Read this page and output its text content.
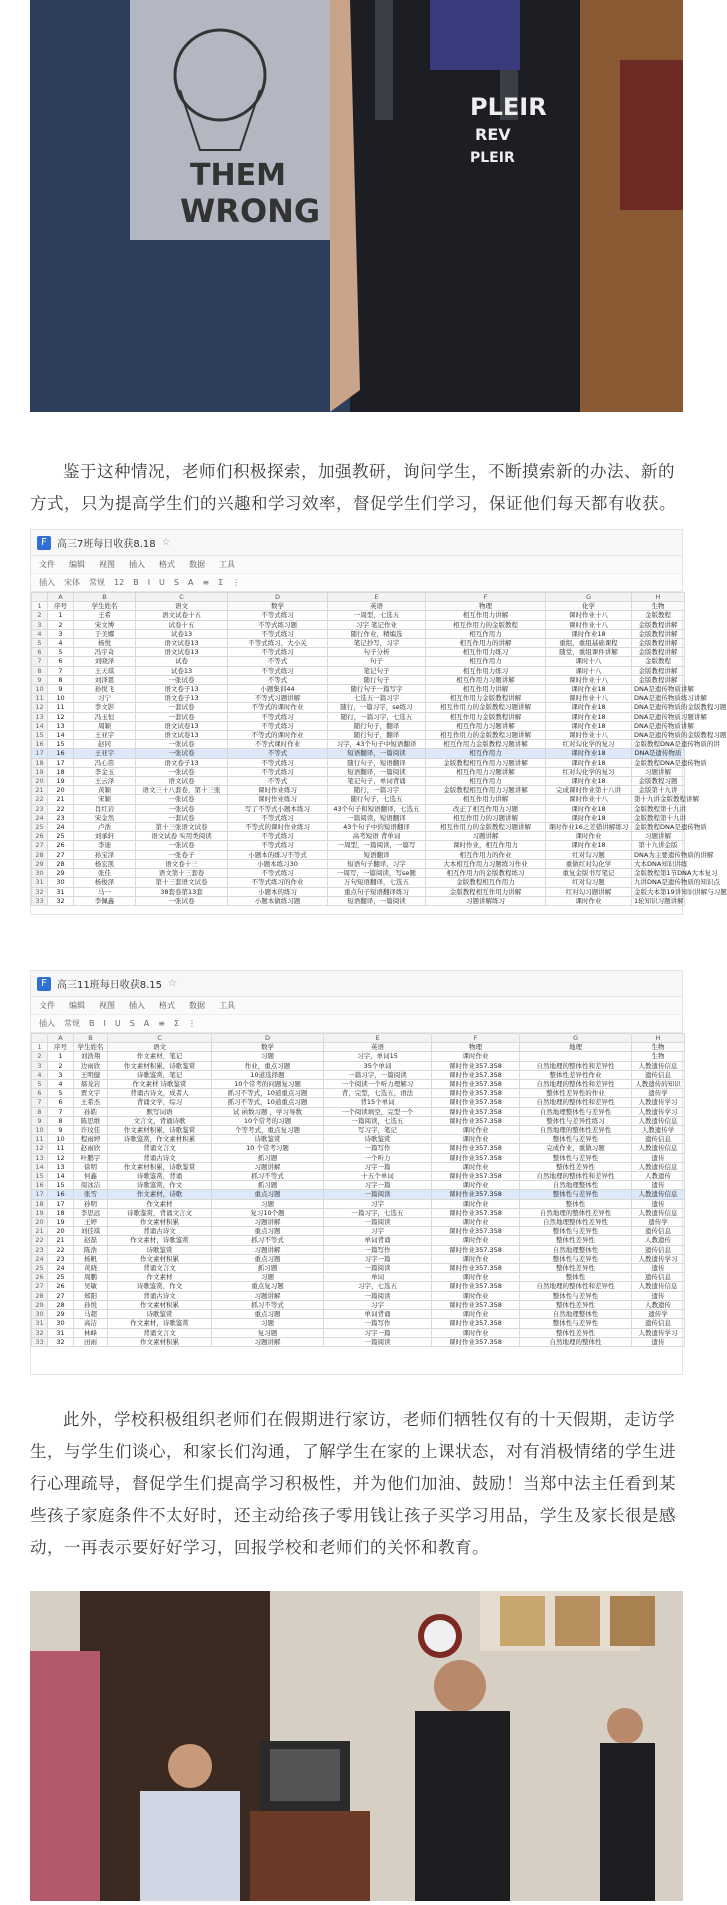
PLEIR
REV
PLEIR
THEM
WRONG

鉴于这种情况，老师们积极探索，加强教研，询问学生，不断摸索新的办法、新的方式，只为提高学生们的兴趣和学习效率，督促学生们学习，保证他们每天都有收获。

F	高三7班每日收获8.18 ☆
文件 编辑 视图 插入 格式 数据 工具
插入 宋体 常规 12 B I U S A ≡ Σ ⋮
	A	B	C	D	E	F	G	H
1	序号	学生姓名	语文	数学	英语	物理	化学	生物
2	1	王希	语文试卷十五	不等式练习	一周型，七选五	相互作用力讲解	课时作业十八	金版教程
3	2	宋文博	试卷十五	不等式练习题	习字 笔记作业	相互作用力的金版教程	课时作业十八	金版教程讲解
4	3	于美娜	试卷13	不等式练习	随行作业，精编选	相互作用力	课时作业18	金版教程讲解
5	4	杨悦	语文试卷13	不等式练习，大小关	笔记抄写，习字	相互作用力的讲解	重组，重组基础课程	金版教程讲解
6	5	冯宇奇	语文试卷13	不等式练习	句子分析	相互作用力练习	随堂，重组课件讲解	金版教程讲解
7	6	刘晓泽	试卷	不等式	句子	相互作用力	课时十八	金版教程
8	7	王天琪	试卷13	不等式练习	笔记句子	相互作用力练习	课时十八	金版教程讲解
9	8	刘泽恩	一张试卷	不等式	随行句子	相互作用力习题讲解	课时作业十八	金版教程讲解
10	9	孙悦飞	语文卷子13	小题集训44	随行句子一篇写字	相互作用力讲解	课时作业18	DNA是遗传物质讲解
11	10	习宁	语文卷子13	不等式习题讲解	七选五一篇习字	相互作用力金版教程讲解	课时作业十八	DNA是遗传物质练习讲解
12	11	李文影	一套试卷	不等式的课时作业	随行，一篇习字，se练习	相互作用力的金版教程习题讲解	课时作业18	DNA是遗传物质的金版教程习题
13	12	冯玉恒	一套试卷	不等式练习	随行，一篇习字，七选五	相互作用力金版教程讲解	课时作业18	DNA是遗传物质习题讲解
14	13	周颖	语文试卷13	不等式练习	随行句子，翻译	相互作用力习题讲解	课时作业18	DNA是遗传物质讲解
15	14	王亚宇	语文试卷13	不等式的课时作业	随行句子，翻译	相互作用力的金版教程习题讲解	课时作业十八	DNA是遗传物质的金版教程习题
16	15	赵同	一张试卷	不等式课时作业	习字，43个句子中短语翻译	相互作用力金版教程习题讲解	红对勾化学的复习	金版教程DNA是遗传物质的讲
17	16	王亚宇	一张试卷	不等式	短语翻译，一篇阅读	相互作用力	课时作业18	DNA是遗传物质
18	17	冯心笛	语文卷子13	不等式练习	随行句子，短语翻译	金版教程相互作用力习题讲解	课时作业18	金版教程DNA是遗传物质
19	18	李金玉	一张试卷	不等式练习	短语翻译，一篇阅读	相互作用力习题讲解	红对勾化学的复习	习题讲解
20	19	王云泽	语文试卷	不等式	笔记句子，单词背诵	相互作用力	课时作业18	金版教程习题
21	20	黄颖	语文三十八套卷，第十三张	课时作业练习	随行，一篇习字	金版教程相互作用力习题讲解	完成课时作业第十八讲	金版第十九讲
22	21	宋颖	一张试卷	课时作业练习	随行句子，七选五	相互作用力讲解	课时作业十八	第十九讲金版教程讲解
23	22	肖红岩	一张试卷	写了不等式小题本练习	43个句子和短语翻译，七选五	改正了相互作用力习题	课时作业18	金版教程第十九讲
24	23	宋金然	一套试卷	不等式练习	一篇阅读，短语翻译	相互作用力的习题讲解	课时作业18	金版教程第十九讲
25	24	卢浩	第十三张语文试卷	不等式的课时作业练习	43个句子中的短语翻译	相互作用力的金版教程习题讲解	课时作业16之差错讲解练习	金版教程DNA是遗传物质
26	25	刘承轩	语文试卷 实用类阅读	不等式练习	高考短语 背单词	习题讲解	课时作业	习题讲解
27	26	李迪	一张试卷	不等式练习	一周型，一篇阅读，一篇写	课时作业，相互作用力	课时作业18	第十九讲金版
28	27	孙宝泽	一张卷子	小题本的练习不等式	短语翻译	相互作用力的作业	红对勾习题	DNA为主要遗传物质的讲解
29	28	杨宏凯	语文卷十三	小题本练习30	短语句子翻译，习字	大本相互作用力习题练习作业	重做红对勾化学	大本DNA知识讲练
30	29	张佳	语文第十三套卷	不等式练习	一周写，一篇阅读，写se题	相互作用力的金版教程练习	重复金版书写笔记	金版教程第1节DNA大本复习
31	30	杨俊泽	第十三套语文试卷	不等式练习的作业	万句短语翻译，七选五	金版教程相互作用力	红对勾习题	九讲DNA是遗传物质的知识点
32	31	马一	38套卷第13套	小题本的练习	重点句子短语翻译练习	金版教程相互作用力讲解	红对勾习题讲解	金版大本第19讲知识讲解与习题
33	32	李佩鑫	一张试卷	小题本做练习题	短语翻译，一篇阅读	习题讲解练习	课时作业	1轮知识习题讲解
F	高三11班每日收获8.15 ☆
文件 编辑 视图 插入 格式 数据 工具
插入 常规 B I U S A ≡ Σ ⋮
	A	B	C	D	E	F	G	H
1	序号	学生姓名	语文	数学	英语	物理	地理	生物
2	1	刘浩翔	作文素材，笔记	习题	习字，单词15	课时作业		生物
3	2	边雨欣	作文素材积累，诗歌鉴赏	作业，重点习题	35个单词	课时作业357.358	自然地理的整体性和差异性	人教遗传信息
4	3	王明健	诗歌鉴赏，笔记	10道选择题	一篇习字，一篇阅读	课时作业357.358	整体性差异性作业	遗传信息
5	4	郝龙岩	作文素材 诗歌鉴赏	10个常考的问题复习题	一个阅读一个听力理解习	课时作业357.358	自然地理的整体性和差异性	人教遗传的知识
6	5	贾文宇	背诵古诗文，成者人	抓习不等式，10道重点习题	背，完型，七选五，语法	课时作业357.358	整体性差异性的作业	遗传学
7	6	王希杰	背诵文学，综习	抓习不等式，10道重点习题	背15个单词	课时作业357.358	自然地理的整体性和差异性	人教遗传学习
8	7	孙皓	默写词语	试 函数习题 ，学习导数	一个阅读填空，完型一个	课时作业357.358	自然地理整体性与差异性	人教遗传学习
9	8	陈思维	文言文，背诵诗歌	10个常考的习题	一篇阅读，七选五	课时作业357.358	整体性与差异性练习	人教遗传信息
10	9	许玟佳	作文素材积累，诗歌鉴赏	个等考式，重点复习题	写习字，笔记	课时作业	自然地理的整体性差异性	人教遗传学
11	10	程雨婷	诗歌鉴赏，作文素材积累	诗歌鉴赏	诗歌鉴赏	课时作业	整体性与差异性	遗传信息
12	11	赵雨欣	背诵文言文	10 个常考习题	一篇写作	课时作业357.358	完成作业，重做习题	人教遗传信息
13	12	叶鹏宇	背诵古诗文	抓习题	一个听力	课时作业357.358	整体性与差异性	遗传
14	13	徐明	作文素材积累，诗歌鉴赏	习题讲解	习字一篇	课时作业	整体性差异性	人教遗传信息
15	14	何鑫	诗歌鉴赏，背诵	抓习不等式	十五个单词	课时作业357.358	自然地理的整体性和差异性	人教遗传
16	15	周冰洁	诗歌鉴赏，作文	抓习题	习字一篇	课时作业	自然地理整体性	遗传
17	16	张雪	作文素材，诗歌	重点习题	一篇阅读	课时作业357.358	整体性与差异性	人教遗传信息
18	17	孙明	作文素材	习题	习字	课时作业	整体性	遗传
19	18	李思远	诗歌鉴赏，背诵文言文	复习10个题	一篇习字，七选五	课时作业357.358	自然地理的整体性差异性	人教遗传信息
20	19	王婷	作文素材积累	习题讲解	一篇阅读	课时作业	自然地理整体性差异性	遗传学
21	20	刘佳琪	背诵古诗文	重点习题	习字	课时作业357.358	整体性与差异性	遗传信息
22	21	赵磊	作文素材，诗歌鉴赏	抓习不等式	单词背诵	课时作业	整体性差异性	人教遗传
23	22	陈浩	诗歌鉴赏	习题讲解	一篇写作	课时作业357.358	自然地理整体性	遗传信息
24	23	杨帆	作文素材积累	重点习题	习字一篇	课时作业	整体性与差异性	人教遗传学习
25	24	黄晓	背诵文言文	抓习题	一篇阅读	课时作业357.358	整体性差异性	遗传
26	25	周鹏	作文素材	习题	单词	课时作业	整体性	遗传信息
27	26	吴敏	诗歌鉴赏，作文	重点复习题	习字，七选五	课时作业357.358	自然地理的整体性和差异性	人教遗传信息
28	27	郑阳	背诵古诗文	习题讲解	一篇阅读	课时作业	整体性与差异性	遗传
29	28	孙悦	作文素材积累	抓习不等式	习字	课时作业357.358	整体性差异性	人教遗传
30	29	马超	诗歌鉴赏	重点习题	单词背诵	课时作业	自然地理整体性	遗传学
31	30	高洁	作文素材，诗歌鉴赏	习题	一篇写作	课时作业357.358	整体性与差异性	遗传信息
32	31	林峰	背诵文言文	复习题	习字一篇	课时作业	整体性差异性	人教遗传学习
33	32	田雨	作文素材积累	习题讲解	一篇阅读	课时作业357.358	自然地理的整体性	遗传

此外，学校积极组织老师们在假期进行家访，老师们牺牲仅有的十天假期，走访学生，与学生们谈心，和家长们沟通，了解学生在家的上课状态，对有消极情绪的学生进行心理疏导，督促学生们提高学习积极性，并为他们加油、鼓励！当郑中法主任看到某些孩子家庭条件不太好时，还主动给孩子零用钱让孩子买学习用品，学生及家长很是感动，一再表示要好好学习，回报学校和老师们的关怀和教育。
